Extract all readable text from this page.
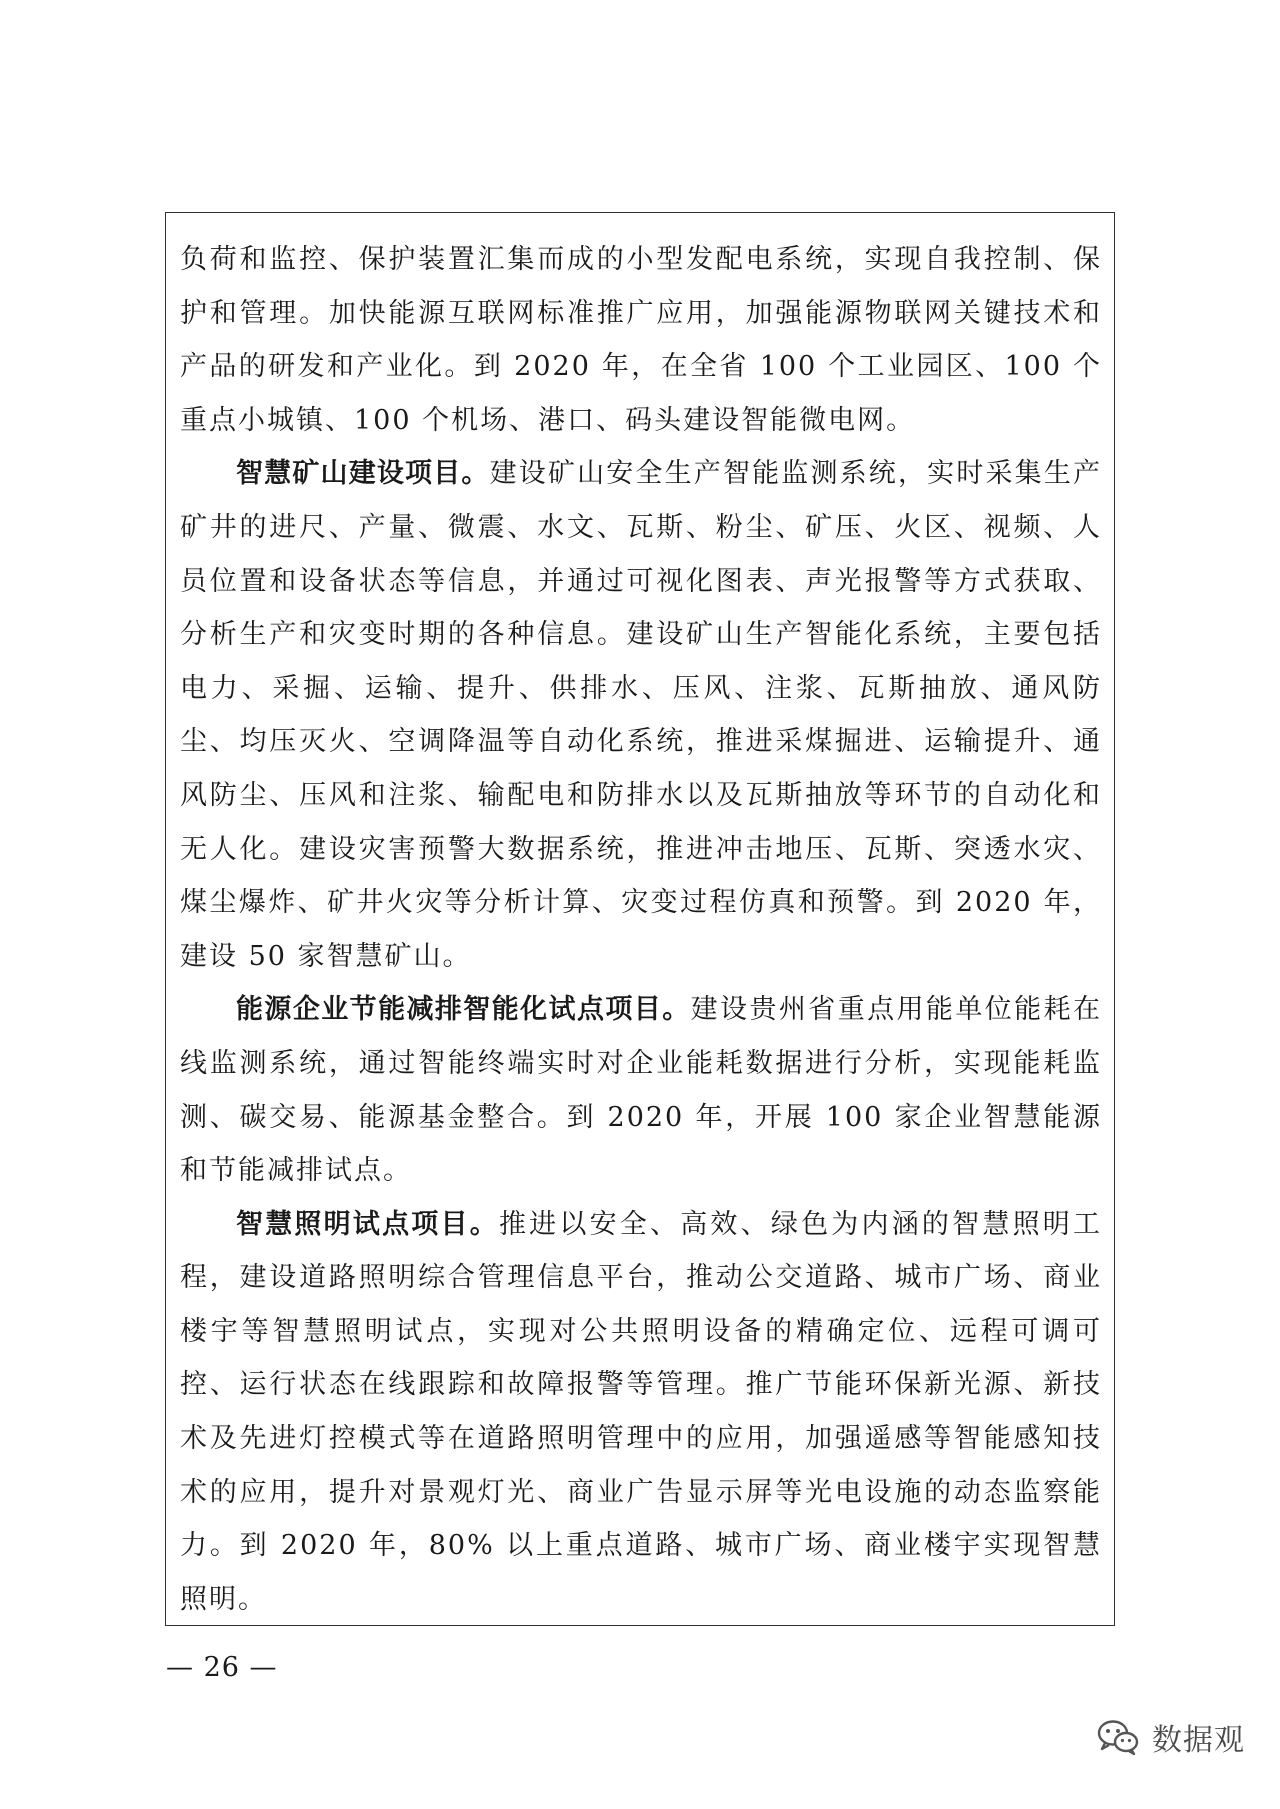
负荷和监控、保护装置汇集而成的小型发配电系统，实现自我控制、保护和管理。加快能源互联网标准推广应用，加强能源物联网关键技术和产品的研发和产业化。到 2020 年，在全省 100 个工业园区、100 个重点小城镇、100 个机场、港口、码头建设智能微电网。

智慧矿山建设项目。建设矿山安全生产智能监测系统，实时采集生产矿井的进尺、产量、微震、水文、瓦斯、粉尘、矿压、火区、视频、人员位置和设备状态等信息，并通过可视化图表、声光报警等方式获取、分析生产和灾变时期的各种信息。建设矿山生产智能化系统，主要包括电力、采掘、运输、提升、供排水、压风、注浆、瓦斯抽放、通风防尘、均压灭火、空调降温等自动化系统，推进采煤掘进、运输提升、通风防尘、压风和注浆、输配电和防排水以及瓦斯抽放等环节的自动化和无人化。建设灾害预警大数据系统，推进冲击地压、瓦斯、突透水灾、煤尘爆炸、矿井火灾等分析计算、灾变过程仿真和预警。到 2020 年，建设 50 家智慧矿山。

能源企业节能减排智能化试点项目。建设贵州省重点用能单位能耗在线监测系统，通过智能终端实时对企业能耗数据进行分析，实现能耗监测、碳交易、能源基金整合。到 2020 年，开展 100 家企业智慧能源和节能减排试点。

智慧照明试点项目。推进以安全、高效、绿色为内涵的智慧照明工程，建设道路照明综合管理信息平台，推动公交道路、城市广场、商业楼宇等智慧照明试点，实现对公共照明设备的精确定位、远程可调可控、运行状态在线跟踪和故障报警等管理。推广节能环保新光源、新技术及先进灯控模式等在道路照明管理中的应用，加强遥感等智能感知技术的应用，提升对景观灯光、商业广告显示屏等光电设施的动态监察能力。到 2020 年，80% 以上重点道路、城市广场、商业楼宇实现智慧照明。

— 26 —
数据观
